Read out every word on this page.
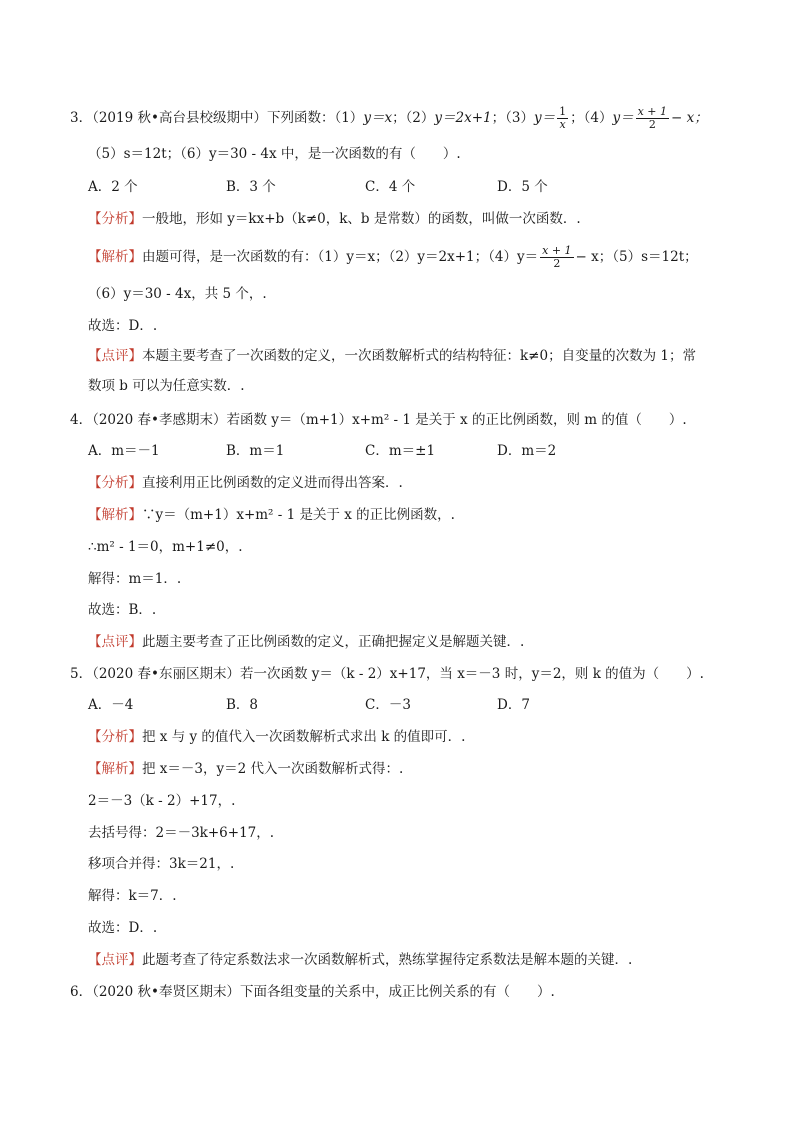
3．（2019 秋•高台县校级期中）下列函数：（1）y＝x；（2）y＝2x+1；$(3)y= \frac{1}{x}$ ；$(4)y= \frac{x + 1}{2} - x$；
（5）s＝12t；（6）y＝30 - 4x 中，是一次函数的有（　　）.
A．2 个	B．3 个	C．4 个	D．5 个
【分析】一般地，形如 y＝kx+b（k≠0，k、b 是常数）的函数，叫做一次函数．.
【解析】由题可得，是一次函数的有：（1）y＝x；（2）y＝2x+1；$(4)y= \frac{x + 1}{2} - x$；（5）s＝12t；
（6）y＝30 - 4x，共 5 个，.
故选：D．.
【点评】本题主要考查了一次函数的定义，一次函数解析式的结构特征：k≠0；自变量的次数为 1；常
数项 b 可以为任意实数．.
4．（2020 春•孝感期末）若函数 y＝（m+1）x+m² - 1 是关于 x 的正比例函数，则 m 的值（　　）.
A．m＝－1	B．m＝1	C．m＝±1	D．m＝2
【分析】直接利用正比例函数的定义进而得出答案．.
【解析】∵y＝（m+1）x+m² - 1 是关于 x 的正比例函数，.
∴m² - 1＝0，m+1≠0，.
解得：m＝1．.
故选：B．.
【点评】此题主要考查了正比例函数的定义，正确把握定义是解题关键．.
5．（2020 春•东丽区期末）若一次函数 y＝（k - 2）x+17，当 x＝－3 时，y＝2，则 k 的值为（　　）.
A．－4	B．8	C．－3	D．7
【分析】把 x 与 y 的值代入一次函数解析式求出 k 的值即可．.
【解析】把 x＝－3，y＝2 代入一次函数解析式得：.
2＝－3（k - 2）+17，.
去括号得：2＝－3k+6+17，.
移项合并得：3k＝21，.
解得：k＝7．.
故选：D．.
【点评】此题考查了待定系数法求一次函数解析式，熟练掌握待定系数法是解本题的关键．.
6．（2020 秋•奉贤区期末）下面各组变量的关系中，成正比例关系的有（　　）.
